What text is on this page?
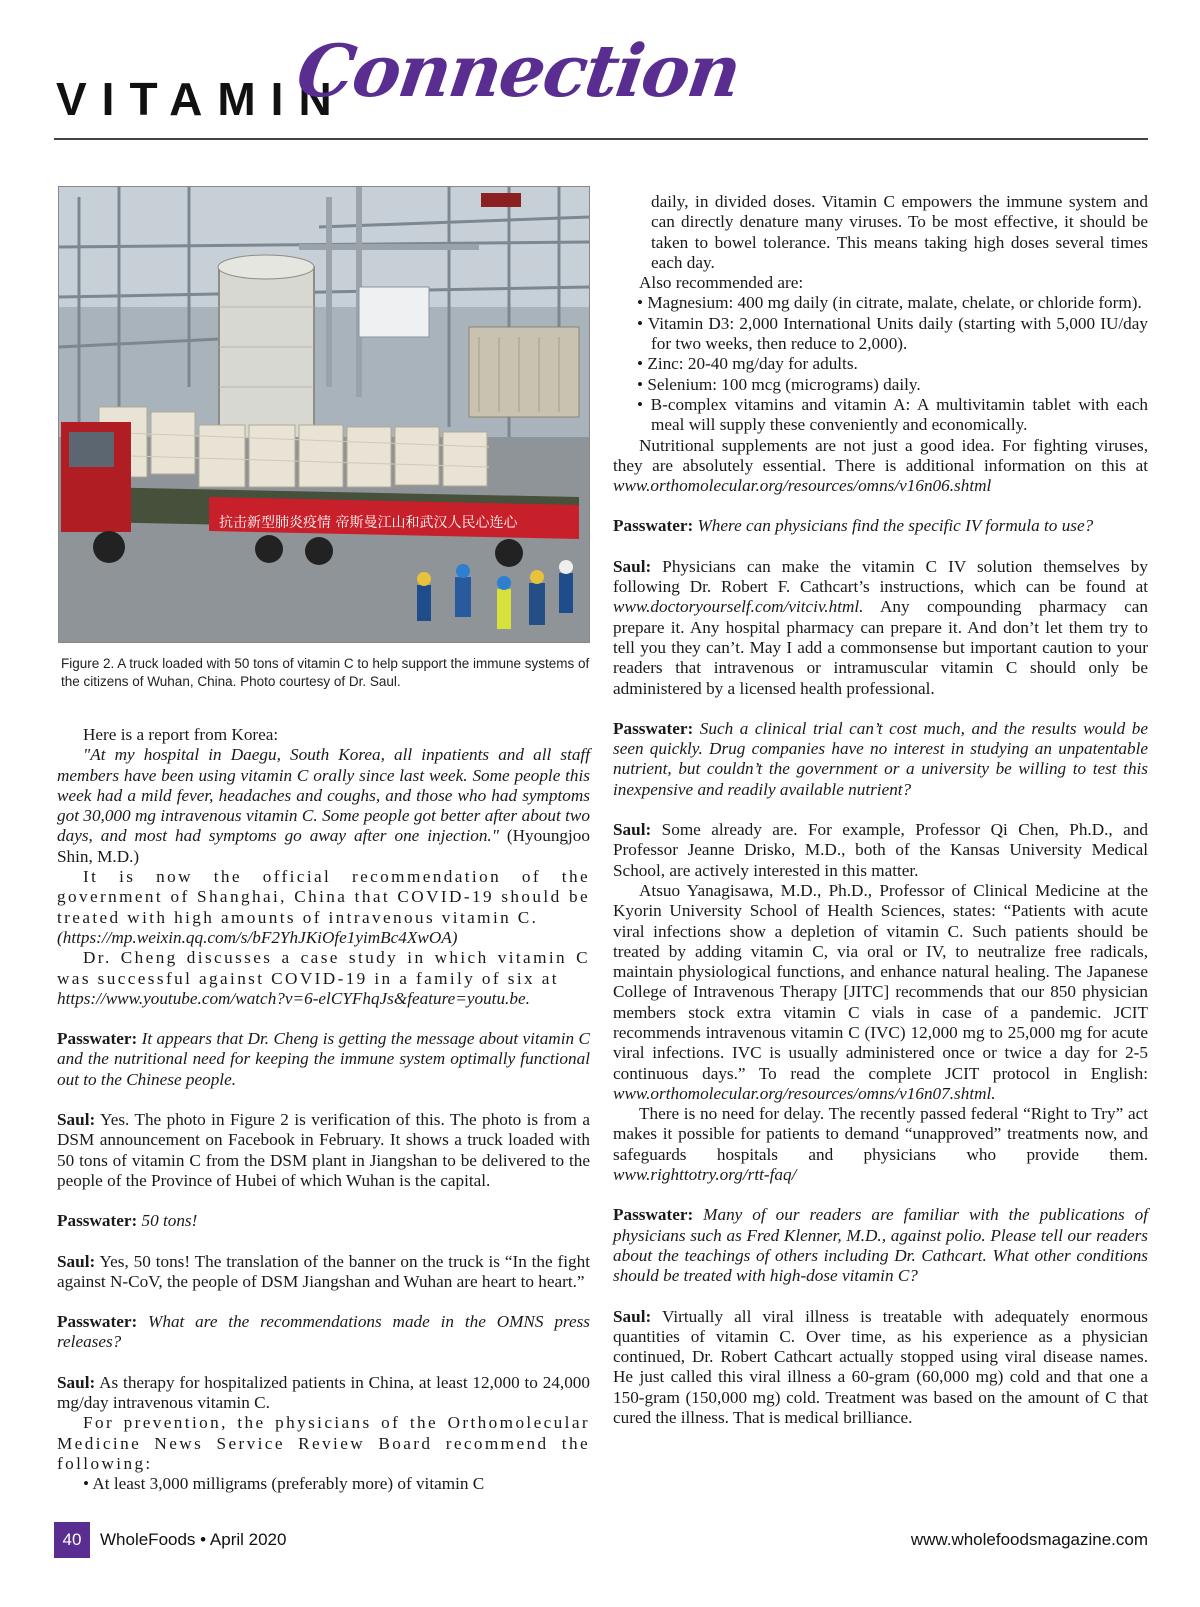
VITAMIN
Connection
抗击新型肺炎疫情 帝斯曼江山和武汉人民心连心
Figure 2. A truck loaded with 50 tons of vitamin C to help support the immune systems of the citizens of Wuhan, China. Photo courtesy of Dr. Saul.

Here is a report from Korea:

"At my hospital in Daegu, South Korea, all inpatients and all staff members have been using vitamin C orally since last week. Some people this week had a mild fever, headaches and coughs, and those who had symptoms got 30,000 mg intravenous vitamin C. Some people got better after about two days, and most had symptoms go away after one injection." (Hyoungjoo Shin, M.D.)

It is now the official recommendation of the government of Shanghai, China that COVID-19 should be treated with high amounts of intravenous vitamin C.

(https://mp.weixin.qq.com/s/bF2YhJKiOfe1yimBc4XwOA)

Dr. Cheng discusses a case study in which vitamin C was successful against COVID-19 in a family of six at

https://www.youtube.com/watch?v=6-elCYFhqJs&feature=youtu.be.

Passwater: It appears that Dr. Cheng is getting the message about vitamin C and the nutritional need for keeping the immune system optimally functional out to the Chinese people.

Saul: Yes. The photo in Figure 2 is verification of this. The photo is from a DSM announcement on Facebook in February. It shows a truck loaded with 50 tons of vitamin C from the DSM plant in Jiangshan to be delivered to the people of the Province of Hubei of which Wuhan is the capital.

Passwater: 50 tons!

Saul: Yes, 50 tons! The translation of the banner on the truck is “In the fight against N-CoV, the people of DSM Jiangshan and Wuhan are heart to heart.”

Passwater: What are the recommendations made in the OMNS press releases?

Saul: As therapy for hospitalized patients in China, at least 12,000 to 24,000 mg/day intravenous vitamin C.

For prevention, the physicians of the Orthomolecular Medicine News Service Review Board recommend the following:

• At least 3,000 milligrams (preferably more) of vitamin C

daily, in divided doses. Vitamin C empowers the immune system and can directly denature many viruses. To be most effective, it should be taken to bowel tolerance. This means taking high doses several times each day.

Also recommended are:

• Magnesium: 400 mg daily (in citrate, malate, chelate, or chloride form).

• Vitamin D3: 2,000 International Units daily (starting with 5,000 IU/day for two weeks, then reduce to 2,000).

• Zinc: 20-40 mg/day for adults.

• Selenium: 100 mcg (micrograms) daily.

• B-complex vitamins and vitamin A: A multivitamin tablet with each meal will supply these conveniently and economically.

Nutritional supplements are not just a good idea. For fighting viruses, they are absolutely essential. There is additional information on this at www.orthomolecular.org/resources/omns/v16n06.shtml

Passwater: Where can physicians find the specific IV formula to use?

Saul: Physicians can make the vitamin C IV solution themselves by following Dr. Robert F. Cathcart’s instructions, which can be found at www.doctoryourself.com/vitciv.html. Any compounding pharmacy can prepare it. Any hospital pharmacy can prepare it. And don’t let them try to tell you they can’t. May I add a commonsense but important caution to your readers that intravenous or intramuscular vitamin C should only be administered by a licensed health professional.

Passwater: Such a clinical trial can’t cost much, and the results would be seen quickly. Drug companies have no interest in studying an unpatentable nutrient, but couldn’t the government or a university be willing to test this inexpensive and readily available nutrient?

Saul: Some already are. For example, Professor Qi Chen, Ph.D., and Professor Jeanne Drisko, M.D., both of the Kansas University Medical School, are actively interested in this matter.

Atsuo Yanagisawa, M.D., Ph.D., Professor of Clinical Medicine at the Kyorin University School of Health Sciences, states: “Patients with acute viral infections show a depletion of vitamin C. Such patients should be treated by adding vitamin C, via oral or IV, to neutralize free radicals, maintain physiological functions, and enhance natural healing. The Japanese College of Intravenous Therapy [JITC] recommends that our 850 physician members stock extra vitamin C vials in case of a pandemic. JCIT recommends intravenous vitamin C (IVC) 12,000 mg to 25,000 mg for acute viral infections. IVC is usually administered once or twice a day for 2-5 continuous days.” To read the complete JCIT protocol in English: www.orthomolecular.org/resources/omns/v16n07.shtml.

There is no need for delay. The recently passed federal “Right to Try” act makes it possible for patients to demand “unapproved” treatments now, and safeguards hospitals and physicians who provide them. www.righttotry.org/rtt-faq/

Passwater: Many of our readers are familiar with the publications of physicians such as Fred Klenner, M.D., against polio. Please tell our readers about the teachings of others including Dr. Cathcart. What other conditions should be treated with high-dose vitamin C?

Saul: Virtually all viral illness is treatable with adequately enormous quantities of vitamin C. Over time, as his experience as a physician continued, Dr. Robert Cathcart actually stopped using viral disease names. He just called this viral illness a 60-gram (60,000 mg) cold and that one a 150-gram (150,000 mg) cold. Treatment was based on the amount of C that cured the illness. That is medical brilliance.

40	WholeFoods • April 2020	www.wholefoodsmagazine.com
